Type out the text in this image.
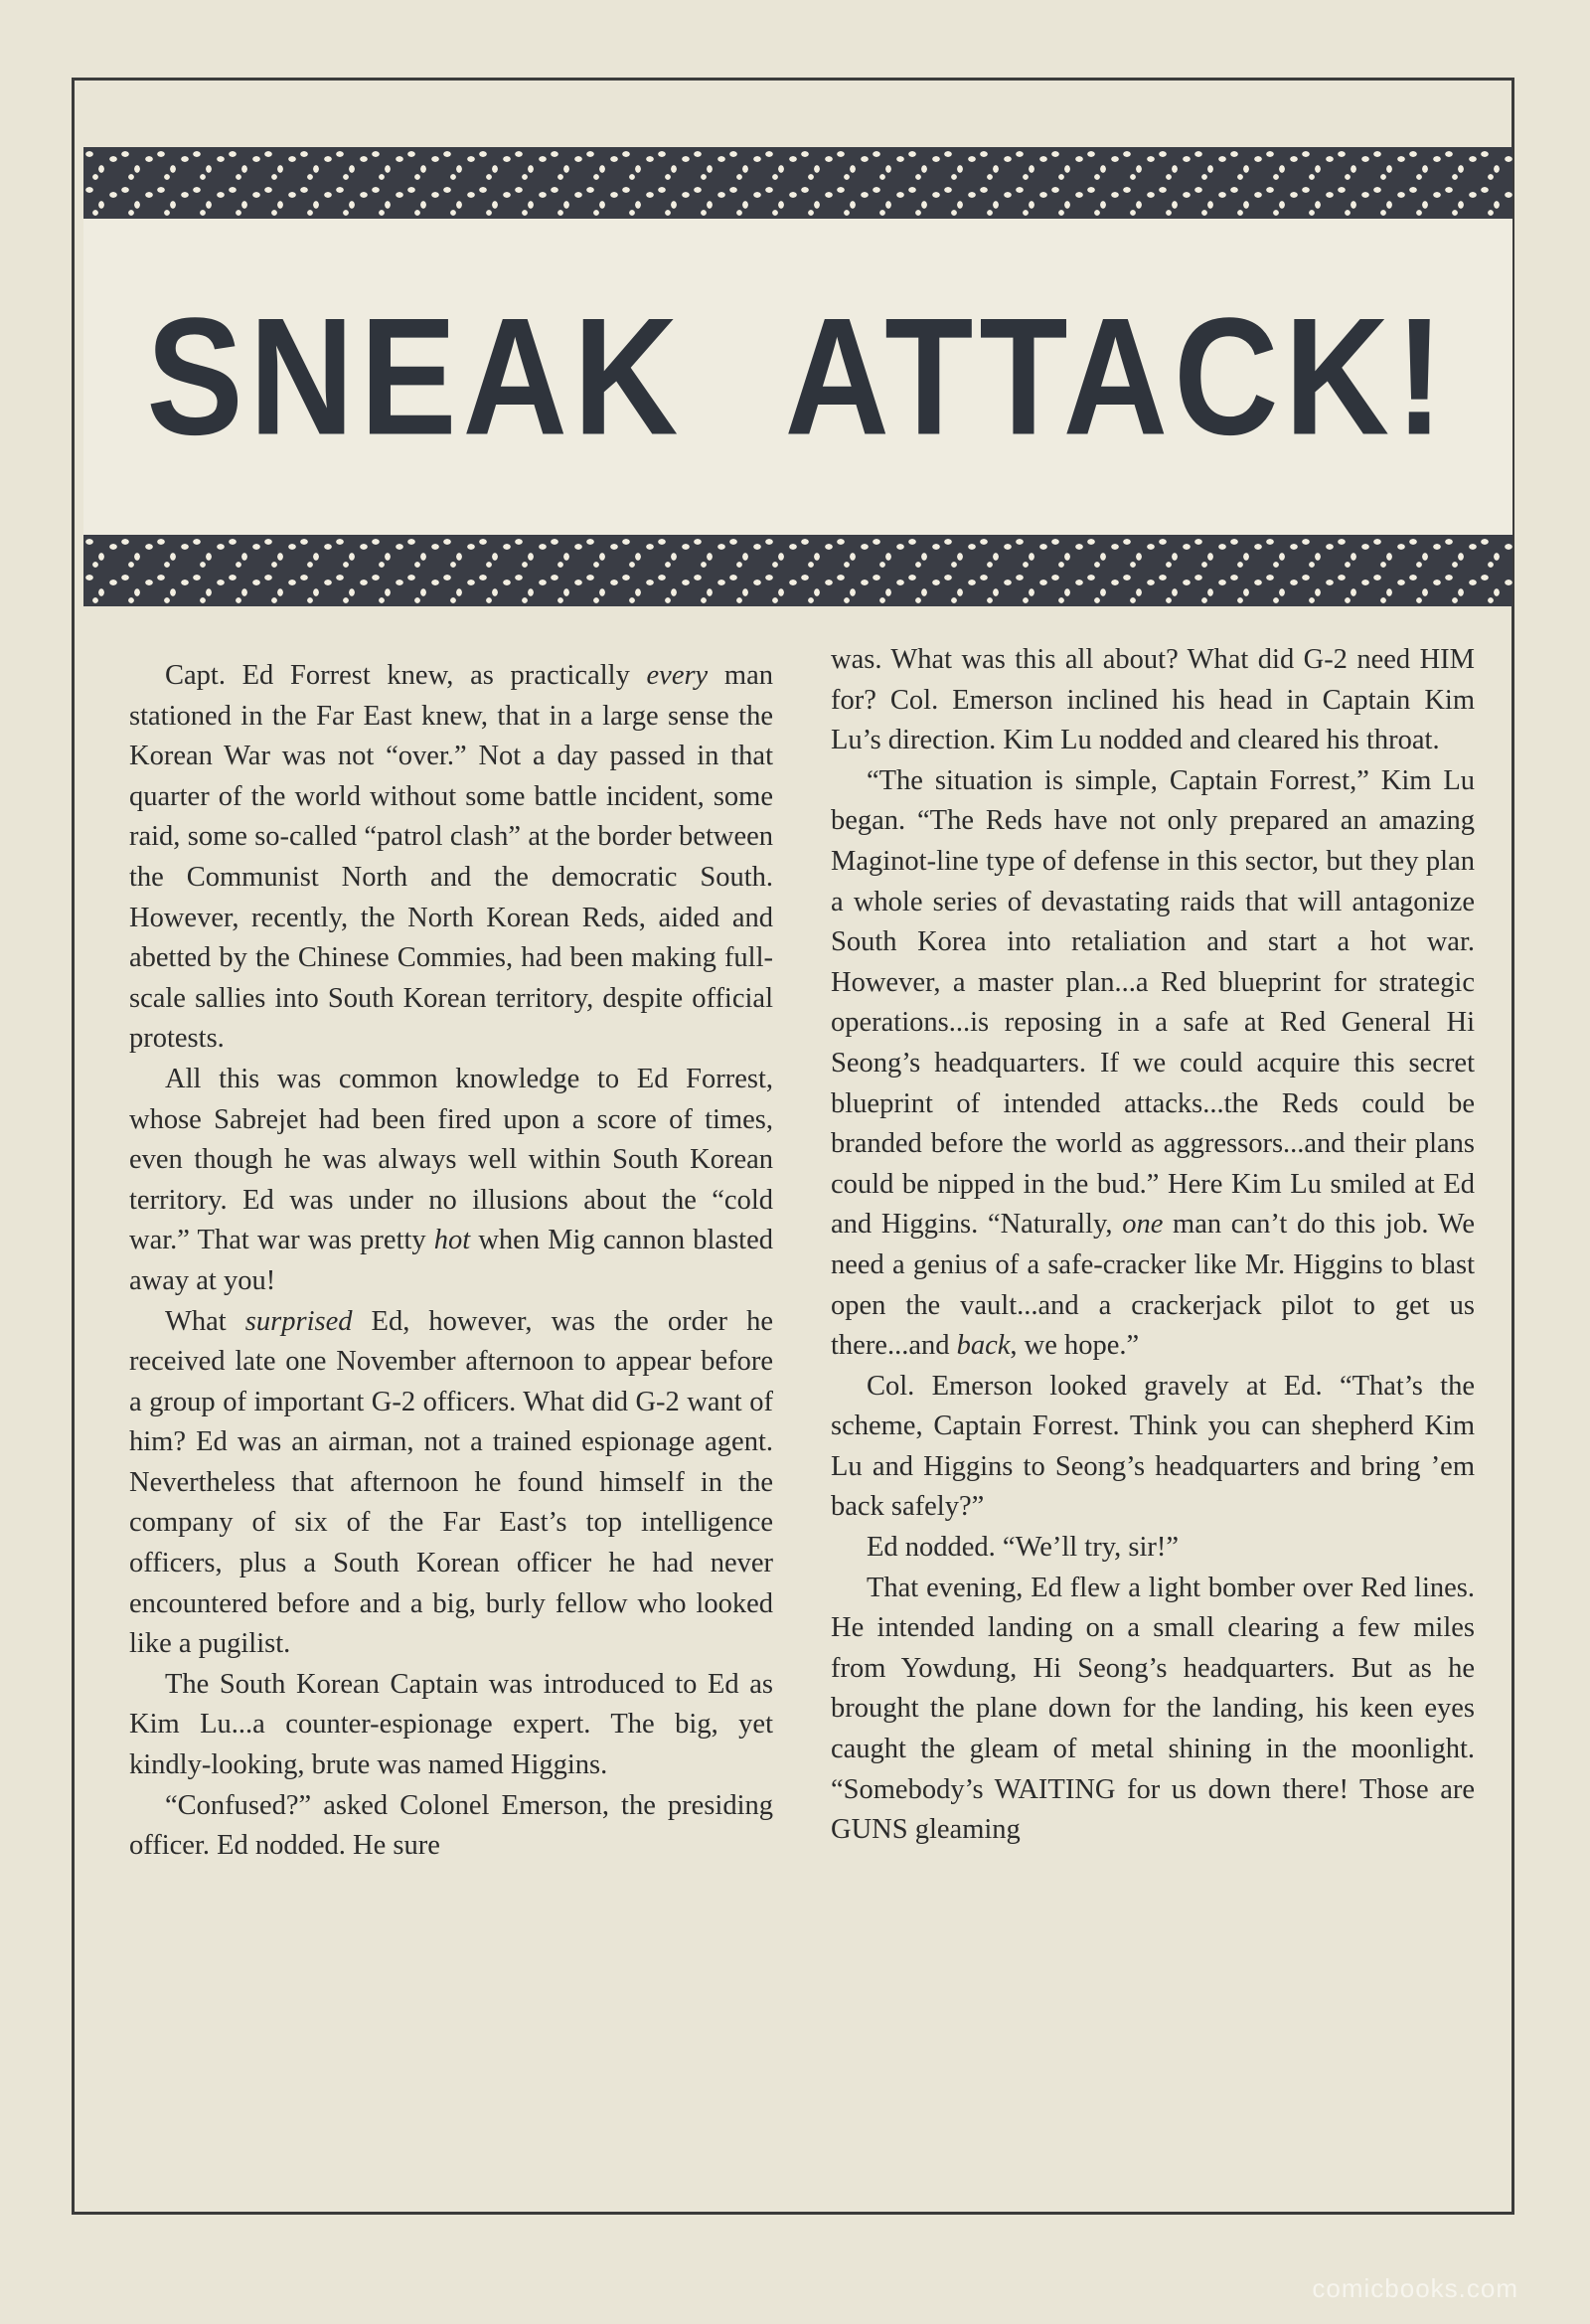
SNEAK ATTACK!

Capt. Ed Forrest knew, as practically every man stationed in the Far East knew, that in a large sense the Korean War was not “over.” Not a day passed in that quarter of the world without some battle incident, some raid, some so-called “patrol clash” at the border between the Communist North and the democratic South. However, recently, the North Korean Reds, aided and abetted by the Chinese Commies, had been making full-scale sallies into South Korean territory, despite official protests.

All this was common knowledge to Ed Forrest, whose Sabrejet had been fired upon a score of times, even though he was always well within South Korean territory. Ed was under no illusions about the “cold war.” That war was pretty hot when Mig cannon blasted away at you!

What surprised Ed, however, was the order he received late one November afternoon to appear before a group of important G-2 officers. What did G-2 want of him? Ed was an airman, not a trained espionage agent. Nevertheless that afternoon he found himself in the company of six of the Far East’s top intelligence officers, plus a South Korean officer he had never encountered before and a big, burly fellow who looked like a pugilist.

The South Korean Captain was introduced to Ed as Kim Lu...a counter-espionage expert. The big, yet kindly-looking, brute was named Higgins.

“Confused?” asked Colonel Emerson, the presiding officer. Ed nodded. He sure

was. What was this all about? What did G-2 need HIM for? Col. Emerson inclined his head in Captain Kim Lu’s direction. Kim Lu nodded and cleared his throat.

“The situation is simple, Captain Forrest,” Kim Lu began. “The Reds have not only prepared an amazing Maginot-line type of defense in this sector, but they plan a whole series of devastating raids that will antagonize South Korea into retaliation and start a hot war. However, a master plan...a Red blueprint for strategic operations...is reposing in a safe at Red General Hi Seong’s headquarters. If we could acquire this secret blueprint of intended attacks...the Reds could be branded before the world as aggressors...and their plans could be nipped in the bud.” Here Kim Lu smiled at Ed and Higgins. “Naturally, one man can’t do this job. We need a genius of a safe-cracker like Mr. Higgins to blast open the vault...and a crackerjack pilot to get us there...and back, we hope.”

Col. Emerson looked gravely at Ed. “That’s the scheme, Captain Forrest. Think you can shepherd Kim Lu and Higgins to Seong’s headquarters and bring ’em back safely?”

Ed nodded. “We’ll try, sir!”

That evening, Ed flew a light bomber over Red lines. He intended landing on a small clearing a few miles from Yowdung, Hi Seong’s headquarters. But as he brought the plane down for the landing, his keen eyes caught the gleam of metal shining in the moonlight. “Somebody’s WAITING for us down there! Those are GUNS gleaming

comicbooks.com
